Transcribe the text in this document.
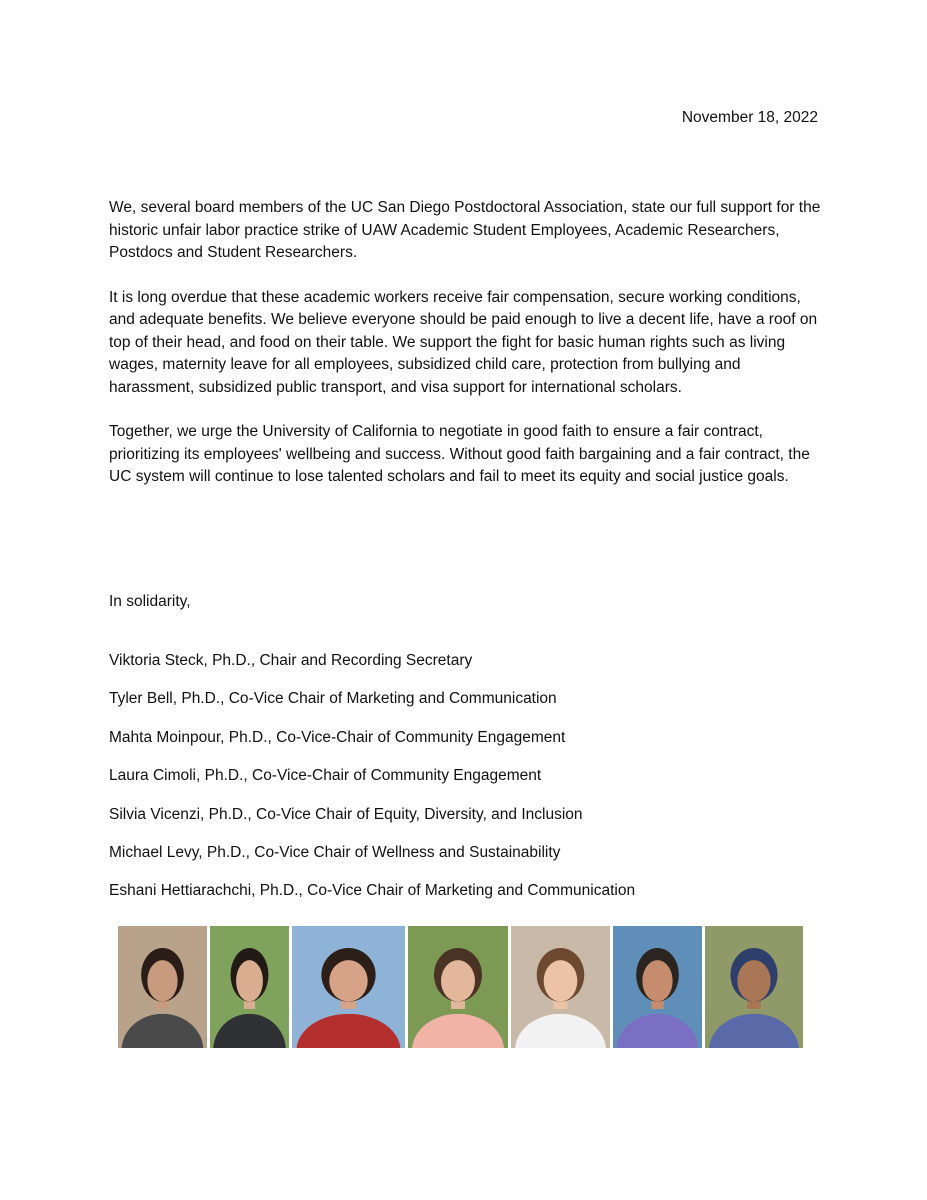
November 18, 2022

We, several board members of the UC San Diego Postdoctoral Association, state our full support for the historic unfair labor practice strike of UAW Academic Student Employees, Academic Researchers, Postdocs and Student Researchers.

It is long overdue that these academic workers receive fair compensation, secure working conditions, and adequate benefits. We believe everyone should be paid enough to live a decent life, have a roof on top of their head, and food on their table. We support the fight for basic human rights such as living wages, maternity leave for all employees, subsidized child care, protection from bullying and harassment, subsidized public transport, and visa support for international scholars.

Together, we urge the University of California to negotiate in good faith to ensure a fair contract, prioritizing its employees' wellbeing and success. Without good faith bargaining and a fair contract, the UC system will continue to lose talented scholars and fail to meet its equity and social justice goals.

In solidarity,
Viktoria Steck, Ph.D., Chair and Recording Secretary
Tyler Bell, Ph.D., Co-Vice Chair of Marketing and Communication
Mahta Moinpour, Ph.D., Co-Vice-Chair of Community Engagement
Laura Cimoli, Ph.D., Co-Vice-Chair of Community Engagement
Silvia Vicenzi, Ph.D., Co-Vice Chair of Equity, Diversity, and Inclusion
Michael Levy, Ph.D., Co-Vice Chair of Wellness and Sustainability
Eshani Hettiarachchi, Ph.D., Co-Vice Chair of Marketing and Communication
